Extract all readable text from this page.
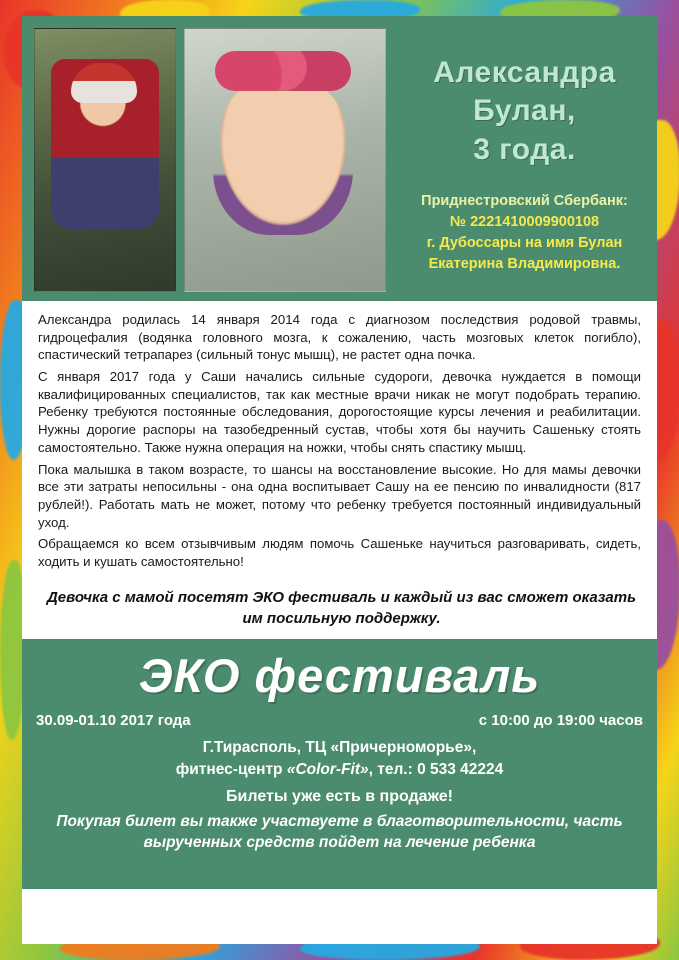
Александра
Булан,
3 года.
Приднестровский Сбербанк:
№ 2221410009900108
г. Дубоссары на имя Булан
Екатерина Владимировна.

Александра родилась 14 января 2014 года с диагнозом последствия родовой травмы, гидроцефалия (водянка головного мозга, к сожалению, часть мозговых клеток погибло), спастический тетрапарез (сильный тонус мышц), не растет одна почка.

С января 2017 года у Саши начались сильные судороги, девочка нуждается в помощи квалифицированных специалистов, так как местные врачи никак не могут подобрать терапию. Ребенку требуются постоянные обследования, дорогостоящие курсы лечения и реабилитации. Нужны дорогие распоры на тазобедренный сустав, чтобы хотя бы научить Сашеньку стоять самостоятельно. Также нужна операция на ножки, чтобы снять спастику мышц.

Пока малышка в таком возрасте, то шансы на восстановление высокие. Но для мамы девочки все эти затраты непосильны - она одна воспитывает Сашу на ее пенсию по инвалидности (817 рублей!). Работать мать не может, потому что ребенку требуется постоянный индивидуальный уход.

Обращаемся ко всем отзывчивым людям помочь Сашеньке научиться разговаривать, сидеть, ходить и кушать самостоятельно!

Девочка с мамой посетят ЭКО фестиваль и каждый из вас сможет оказать им посильную поддержку.
ЭКО фестиваль
30.09-01.10 2017 года	с 10:00 до 19:00 часов
Г.Тирасполь, ТЦ «Причерноморье»,
фитнес-центр «Color-Fit», тел.: 0 533 42224
Билеты уже есть в продаже!
Покупая билет вы также участвуете в благотворительности, часть вырученных средств пойдет на лечение ребенка
